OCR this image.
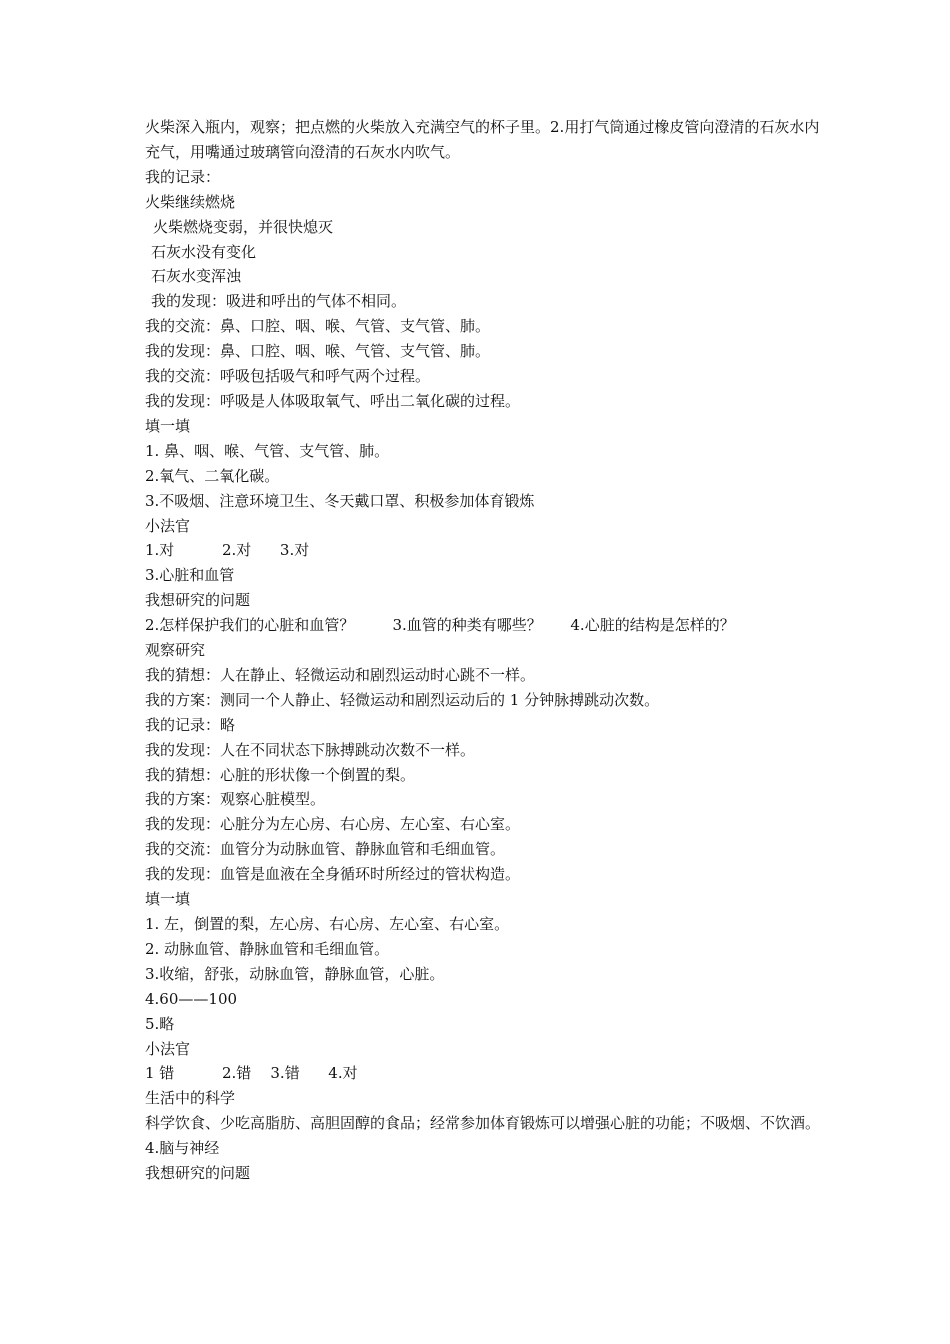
火柴深入瓶内，观察；把点燃的火柴放入充满空气的杯子里。2.用打气筒通过橡皮管向澄清的石灰水内充气，用嘴通过玻璃管向澄清的石灰水内吹气。

我的记录：

火柴继续燃烧

火柴燃烧变弱，并很快熄灭

石灰水没有变化

石灰水变浑浊

我的发现：吸进和呼出的气体不相同。

我的交流：鼻、口腔、咽、喉、气管、支气管、肺。

我的发现：鼻、口腔、咽、喉、气管、支气管、肺。

我的交流：呼吸包括吸气和呼气两个过程。

我的发现：呼吸是人体吸取氧气、呼出二氧化碳的过程。

填一填

1. 鼻、咽、喉、气管、支气管、肺。

2.氧气、二氧化碳。

3.不吸烟、注意环境卫生、冬天戴口罩、积极参加体育锻炼

小法官

1.对          2.对      3.对

3.心脏和血管

我想研究的问题

2.怎样保护我们的心脏和血管？        3.血管的种类有哪些？      4.心脏的结构是怎样的？

观察研究

我的猜想：人在静止、轻微运动和剧烈运动时心跳不一样。

我的方案：测同一个人静止、轻微运动和剧烈运动后的 1 分钟脉搏跳动次数。

我的记录：略

我的发现：人在不同状态下脉搏跳动次数不一样。

我的猜想：心脏的形状像一个倒置的梨。

我的方案：观察心脏模型。

我的发现：心脏分为左心房、右心房、左心室、右心室。

我的交流：血管分为动脉血管、静脉血管和毛细血管。

我的发现：血管是血液在全身循环时所经过的管状构造。

填一填

1. 左，倒置的梨，左心房、右心房、左心室、右心室。

2. 动脉血管、静脉血管和毛细血管。

3.收缩，舒张，动脉血管，静脉血管，心脏。

4.60——100

5.略

小法官

1 错          2.错    3.错      4.对

生活中的科学

科学饮食、少吃高脂肪、高胆固醇的食品；经常参加体育锻炼可以增强心脏的功能；不吸烟、不饮酒。

4.脑与神经

我想研究的问题
